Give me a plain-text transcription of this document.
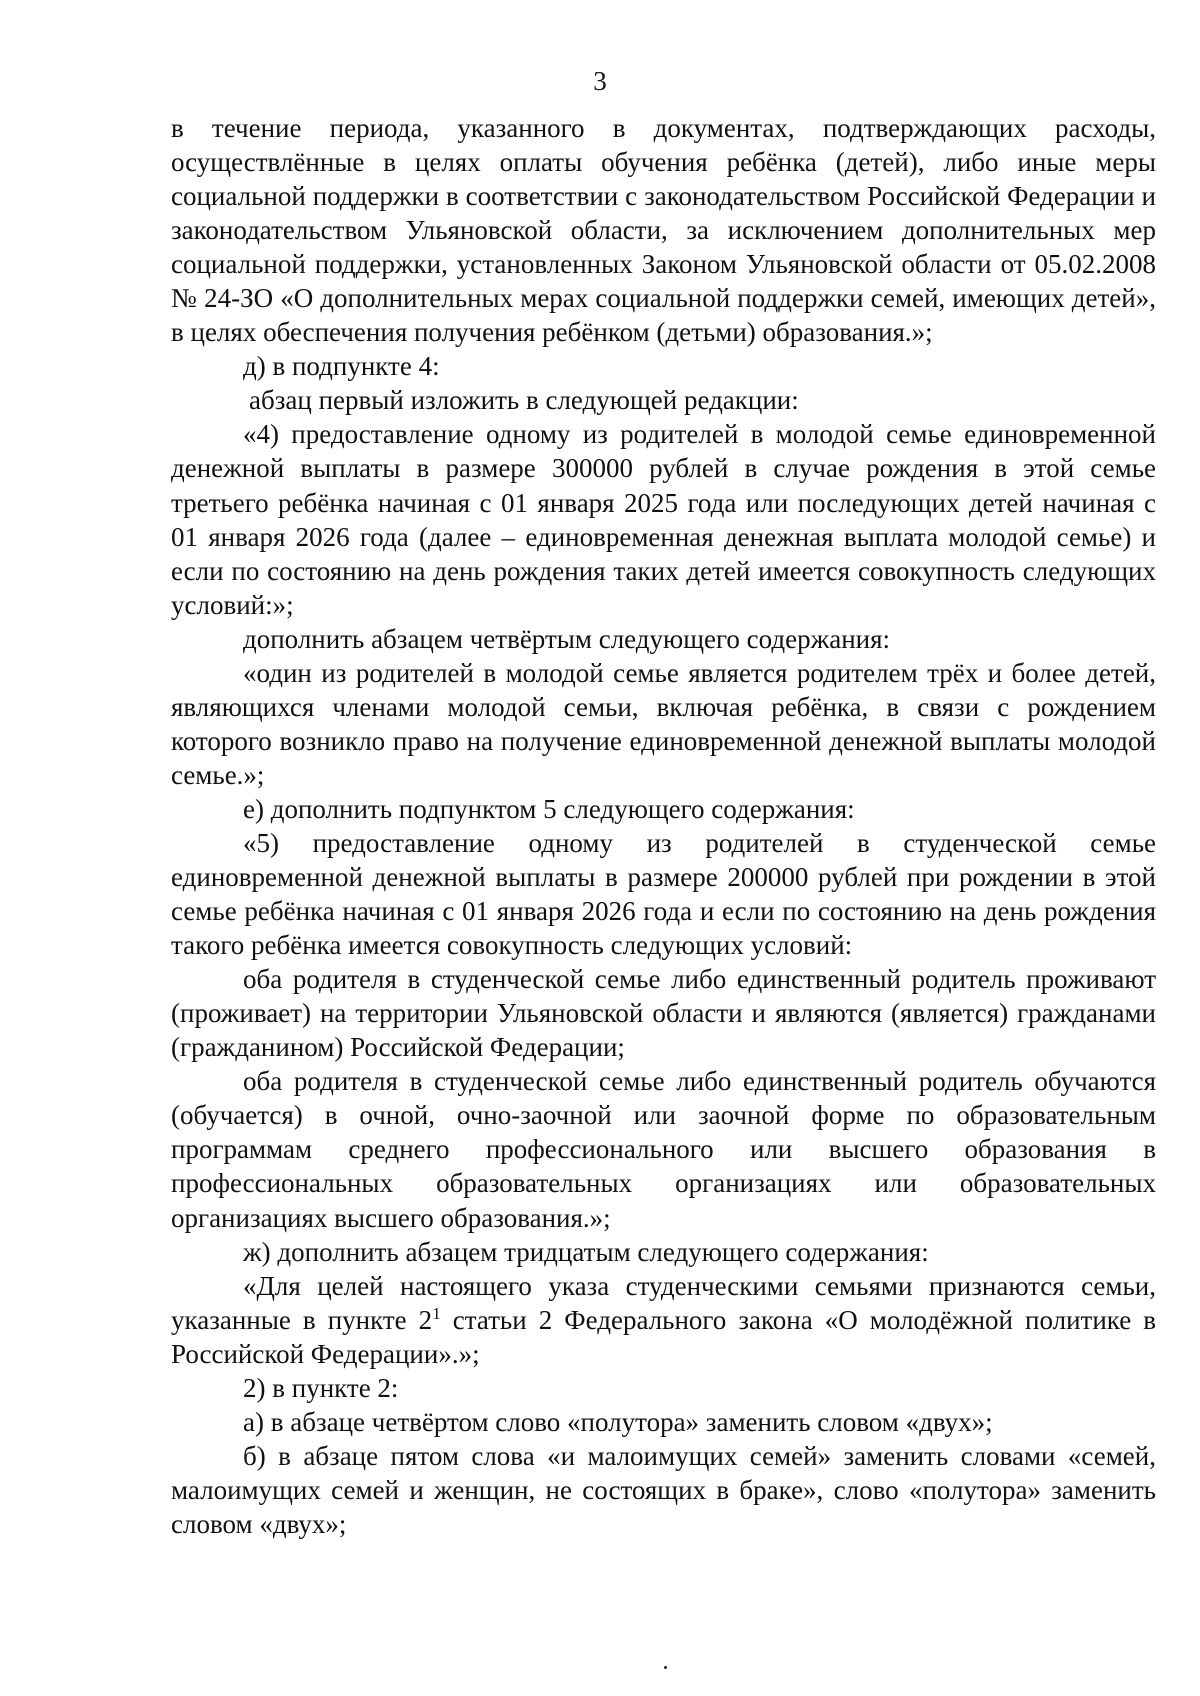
3

в течение периода, указанного в документах, подтверждающих расходы, осуществлённые в целях оплаты обучения ребёнка (детей), либо иные меры социальной поддержки в соответствии с законодательством Российской Федерации и законодательством Ульяновской области, за исключением дополнительных мер социальной поддержки, установленных Законом Ульяновской области от 05.02.2008 № 24-ЗО «О дополнительных мерах социальной поддержки семей, имеющих детей», в целях обеспечения получения ребёнком (детьми) образования.»;

д) в подпункте 4:

абзац первый изложить в следующей редакции:

«4) предоставление одному из родителей в молодой семье единовременной денежной выплаты в размере 300000 рублей в случае рождения в этой семье третьего ребёнка начиная с 01 января 2025 года или последующих детей начиная с 01 января 2026 года (далее – единовременная денежная выплата молодой семье) и если по состоянию на день рождения таких детей имеется совокупность следующих условий:»;

дополнить абзацем четвёртым следующего содержания:

«один из родителей в молодой семье является родителем трёх и более детей, являющихся членами молодой семьи, включая ребёнка, в связи с рождением которого возникло право на получение единовременной денежной выплаты молодой семье.»;

е) дополнить подпунктом 5 следующего содержания:

«5) предоставление одному из родителей в студенческой семье единовременной денежной выплаты в размере 200000 рублей при рождении в этой семье ребёнка начиная с 01 января 2026 года и если по состоянию на день рождения такого ребёнка имеется совокупность следующих условий:

оба родителя в студенческой семье либо единственный родитель проживают (проживает) на территории Ульяновской области и являются (является) гражданами (гражданином) Российской Федерации;

оба родителя в студенческой семье либо единственный родитель обучаются (обучается) в очной, очно-заочной или заочной форме по образовательным программам среднего профессионального или высшего образования в профессиональных образовательных организациях или образовательных организациях высшего образования.»;

ж) дополнить абзацем тридцатым следующего содержания:

«Для целей настоящего указа студенческими семьями признаются семьи, указанные в пункте $2^1$ статьи 2 Федерального закона «О молодёжной политике в Российской Федерации».»;

2) в пункте 2:

а) в абзаце четвёртом слово «полутора» заменить словом «двух»;

б) в абзаце пятом слова «и малоимущих семей» заменить словами «семей, малоимущих семей и женщин, не состоящих в браке», слово «полутора» заменить словом «двух»;
